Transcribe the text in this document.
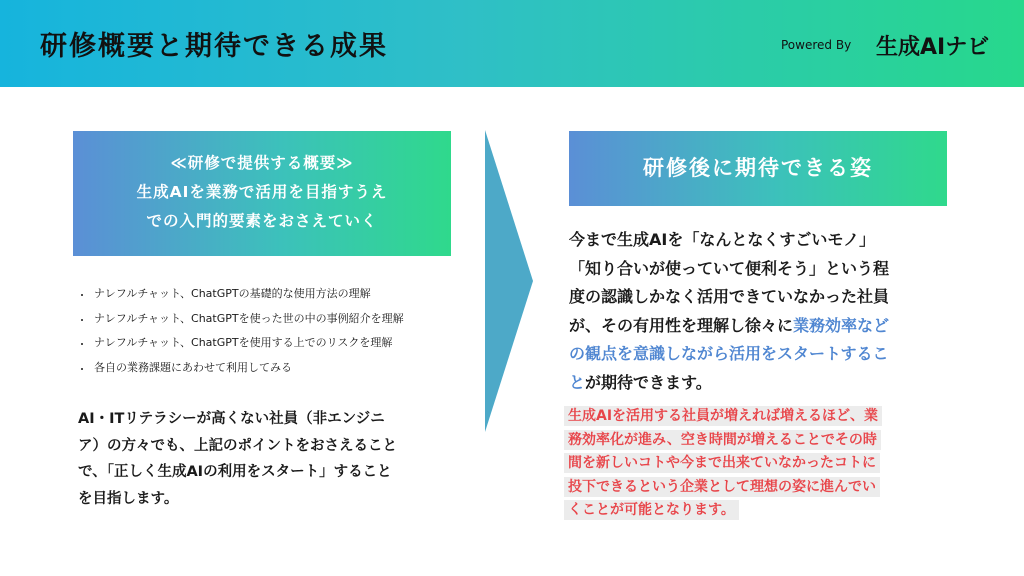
研修概要と期待できる成果	Powered By 生成AIナビ
≪研修で提供する概要≫
生成AIを業務で活用を目指すうえ
での入門的要素をおさえていく
• ナレフルチャット、ChatGPTの基礎的な使用方法の理解
• ナレフルチャット、ChatGPTを使った世の中の事例紹介を理解
• ナレフルチャット、ChatGPTを使用する上でのリスクを理解
• 各自の業務課題にあわせて利用してみる
AI・ITリテラシーが高くない社員（非エンジニ
ア）の方々でも、上記のポイントをおさえること
で、「正しく生成AIの利用をスタート」すること
を目指します。
研修後に期待できる姿
今まで生成AIを「なんとなくすごいモノ」
「知り合いが使っていて便利そう」という程
度の認識しかなく活用できていなかった社員
が、その有用性を理解し徐々に業務効率など
の観点を意識しながら活用をスタートするこ
とが期待できます。
生成AIを活用する社員が増えれば増えるほど、業
務効率化が進み、空き時間が増えることでその時
間を新しいコトや今まで出来ていなかったコトに
投下できるという企業として理想の姿に進んでい
くことが可能となります。
